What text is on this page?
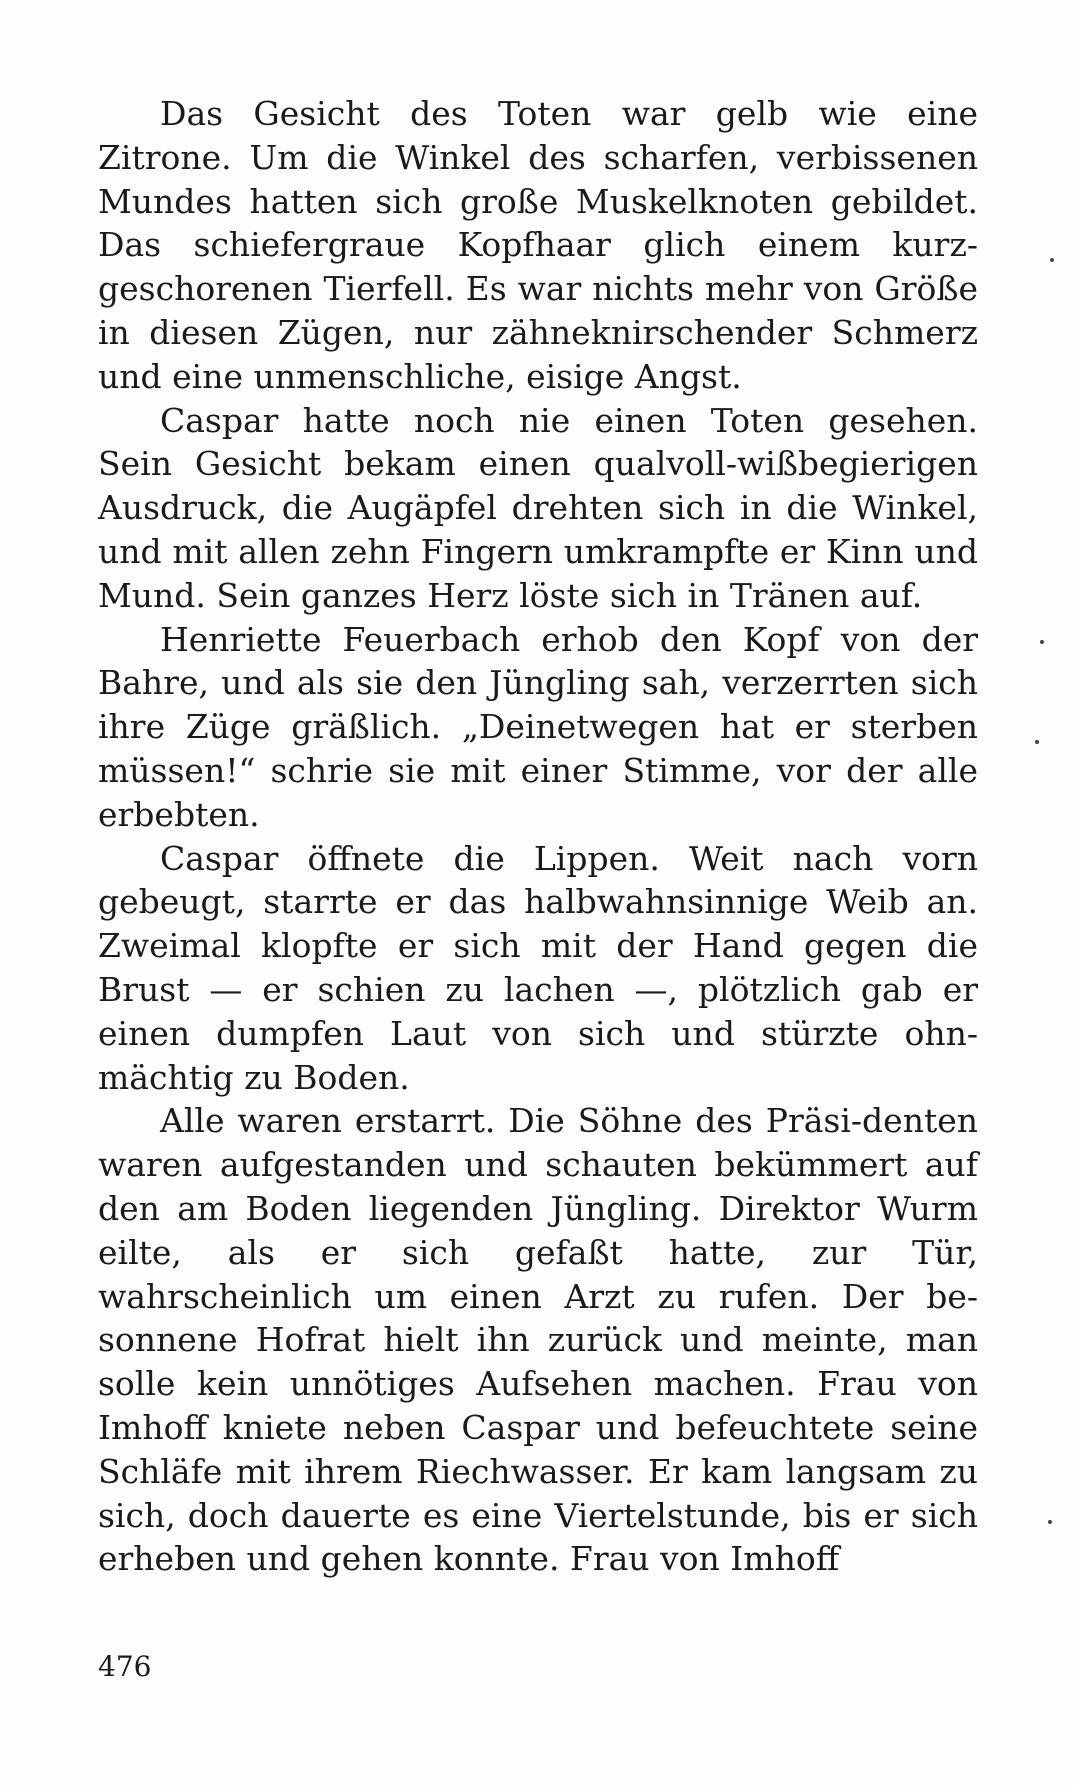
Das Gesicht des Toten war gelb wie eine Zitrone. Um die Winkel des scharfen, verbissenen Mundes hatten sich große Muskelknoten gebildet. Das schiefergraue Kopfhaar glich einem kurz-geschorenen Tierfell. Es war nichts mehr von Größe in diesen Zügen, nur zähneknirschender Schmerz und eine unmenschliche, eisige Angst.

Caspar hatte noch nie einen Toten gesehen. Sein Gesicht bekam einen qualvoll-wißbegierigen Ausdruck, die Augäpfel drehten sich in die Winkel, und mit allen zehn Fingern umkrampfte er Kinn und Mund. Sein ganzes Herz löste sich in Tränen auf.

Henriette Feuerbach erhob den Kopf von der Bahre, und als sie den Jüngling sah, verzerrten sich ihre Züge gräßlich. „Deinetwegen hat er sterben müssen!“ schrie sie mit einer Stimme, vor der alle erbebten.

Caspar öffnete die Lippen. Weit nach vorn gebeugt, starrte er das halbwahnsinnige Weib an. Zweimal klopfte er sich mit der Hand gegen die Brust — er schien zu lachen —, plötzlich gab er einen dumpfen Laut von sich und stürzte ohn-mächtig zu Boden.

Alle waren erstarrt. Die Söhne des Präsi-denten waren aufgestanden und schauten bekümmert auf den am Boden liegenden Jüngling. Direktor Wurm eilte, als er sich gefaßt hatte, zur Tür, wahrscheinlich um einen Arzt zu rufen. Der be-sonnene Hofrat hielt ihn zurück und meinte, man solle kein unnötiges Aufsehen machen. Frau von Imhoff kniete neben Caspar und befeuchtete seine Schläfe mit ihrem Riechwasser. Er kam langsam zu sich, doch dauerte es eine Viertelstunde, bis er sich erheben und gehen konnte. Frau von Imhoff

476
